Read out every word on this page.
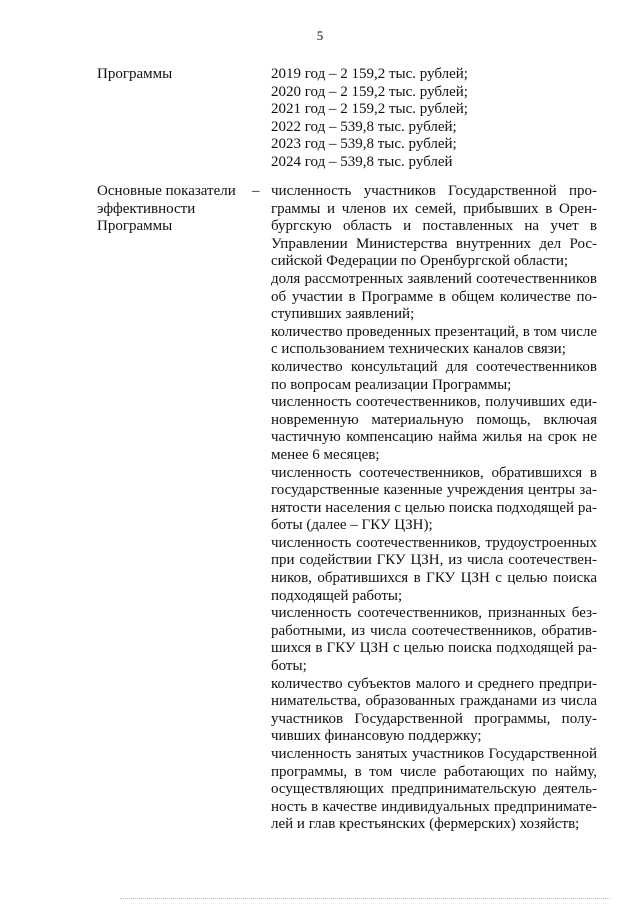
5
Программы	2019 год – 2 159,2 тыс. рублей;
2020 год – 2 159,2 тыс. рублей;
2021 год – 2 159,2 тыс. рублей;
2022 год – 539,8 тыс. рублей;
2023 год – 539,8 тыс. рублей;
2024 год – 539,8 тыс. рублей
Основные показатели
эффективности
Программы
– численность участников Государственной про-
граммы и членов их семей, прибывших в Орен-
бургскую область и поставленных на учет в
Управлении Министерства внутренних дел Рос-
сийской Федерации по Оренбургской области;
доля рассмотренных заявлений соотечественников
об участии в Программе в общем количестве по-
ступивших заявлений;
количество проведенных презентаций, в том числе
с использованием технических каналов связи;
количество консультаций для соотечественников
по вопросам реализации Программы;
численность соотечественников, получивших еди-
новременную материальную помощь, включая
частичную компенсацию найма жилья на срок не
менее 6 месяцев;
численность соотечественников, обратившихся в
государственные казенные учреждения центры за-
нятости населения с целью поиска подходящей ра-
боты (далее – ГКУ ЦЗН);
численность соотечественников, трудоустроенных
при содействии ГКУ ЦЗН, из числа соотечествен-
ников, обратившихся в ГКУ ЦЗН с целью поиска
подходящей работы;
численность соотечественников, признанных без-
работными, из числа соотечественников, обратив-
шихся в ГКУ ЦЗН с целью поиска подходящей ра-
боты;
количество субъектов малого и среднего предпри-
нимательства, образованных гражданами из числа
участников Государственной программы, полу-
чивших финансовую поддержку;
численность занятых участников Государственной
программы, в том числе работающих по найму,
осуществляющих предпринимательскую деятель-
ность в качестве индивидуальных предпринимате-
лей и глав крестьянских (фермерских) хозяйств;
